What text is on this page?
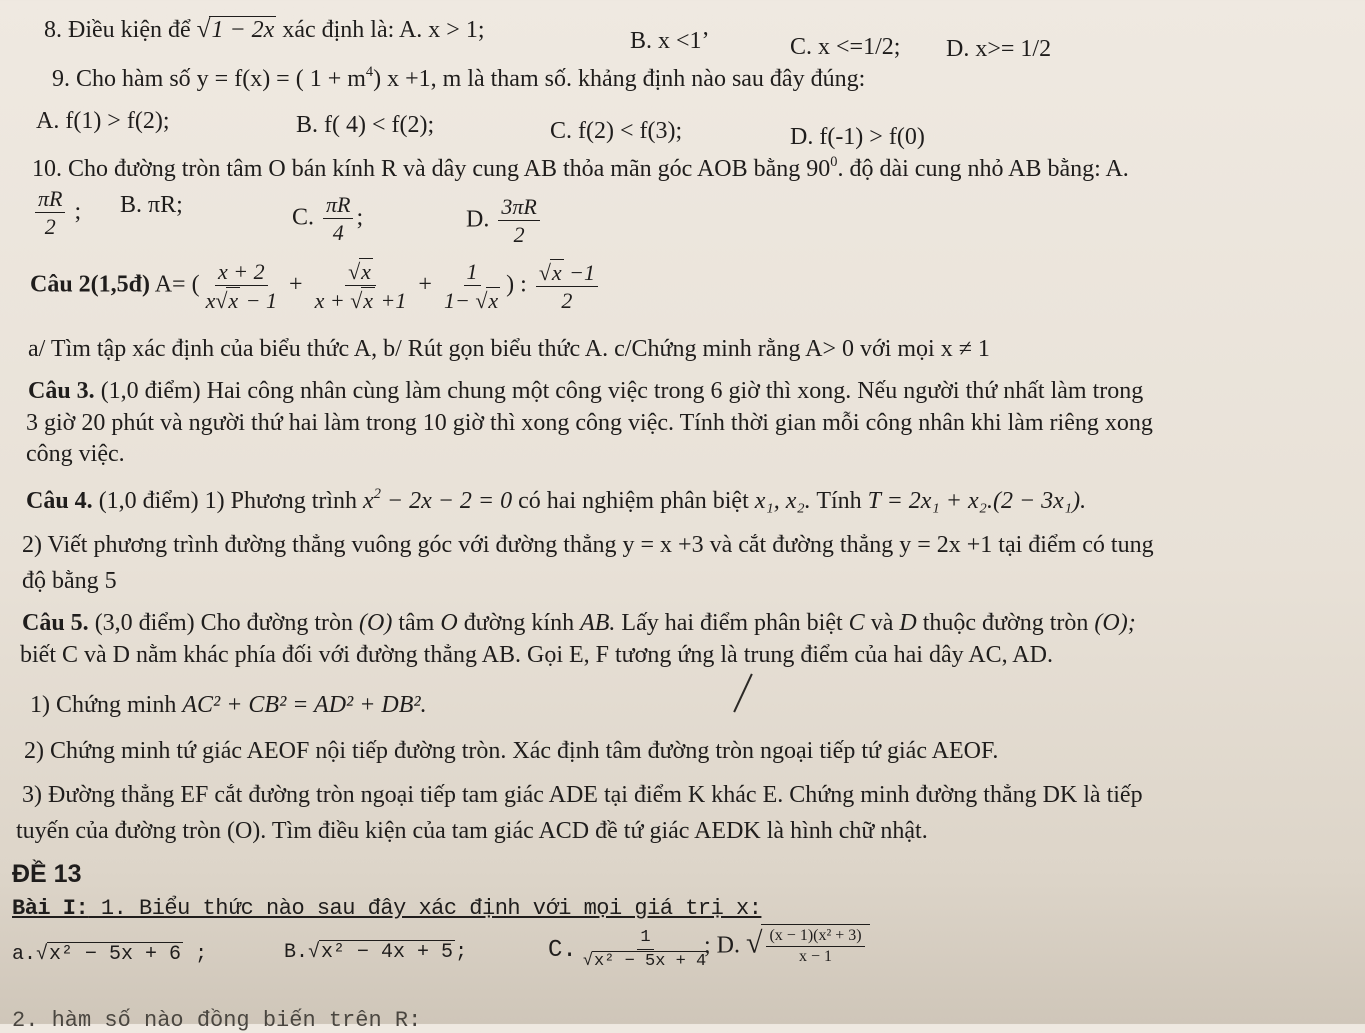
8. Điều kiện để √1 − 2x xác định là: A. x > 1;	B. x <1’	C. x <=1/2; D. x>= 1/2
9. Cho hàm số y = f(x) = ( $1 + m^4$) x +1, m là tham số. khảng định nào sau đây đúng:
A. f(1) > f(2);	B. f( 4) < f(2);	C. f(2) < f(3);	D. f(-1) > f(0)
10. Cho đường tròn tâm O bán kính R và dây cung AB thỏa mãn góc AOB bằng $90^0$. độ dài cung nhỏ AB bằng: A.
$\frac{\pi R}{2}$ ; B. πR;	C. $\frac{\pi R}{4}$ ;	D. $\frac{3\pi R}{2}$
Câu 2(1,5đ) A= ( $\frac{x + 2}{x√x - 1} + \frac{√x}{x + √x +1} + \frac{1}{1- √x}$ ) : $\frac{√x -1}{2}$
a/ Tìm tập xác định của biểu thức A, b/ Rút gọn biểu thức A. c/Chứng minh rằng A> 0 với mọi x ≠ 1
Câu 3. (1,0 điểm) Hai công nhân cùng làm chung một công việc trong 6 giờ thì xong. Nếu người thứ nhất làm trong
3 giờ 20 phút và người thứ hai làm trong 10 giờ thì xong công việc. Tính thời gian mỗi công nhân khi làm riêng xong
công việc.
Câu 4. (1,0 điểm) 1) Phương trình $x^2 - 2x - 2 = 0$ có hai nghiệm phân biệt x₁, x₂. Tính T = 2x₁ + x₂.(2 − 3x₁).
2) Viết phương trình đường thẳng vuông góc với đường thẳng y = x +3 và cắt đường thẳng y = 2x +1 tại điểm có tung
độ bằng 5
Câu 5. (3,0 điểm) Cho đường tròn (O) tâm O đường kính AB. Lấy hai điểm phân biệt C và D thuộc đường tròn (O);
biết C và D nằm khác phía đối với đường thẳng AB. Gọi E, F tương ứng là trung điểm của hai dây AC, AD.
1) Chứng minh AC² + CB² = AD² + DB².
2) Chứng minh tứ giác AEOF nội tiếp đường tròn. Xác định tâm đường tròn ngoại tiếp tứ giác AEOF.
3) Đường thẳng EF cắt đường tròn ngoại tiếp tam giác ADE tại điểm K khác E. Chứng minh đường thẳng DK là tiếp
tuyến của đường tròn (O). Tìm điều kiện của tam giác ACD đề tứ giác AEDK là hình chữ nhật.
ĐỀ 13
Bài I: 1. Biểu thức nào sau đây xác định với mọi giá trị x:
a.√x² − 5x + 6 ;	B.√x² − 4x + 5 ;	C. $\frac{1}{\text{√x² − 5x + 4}}$
; D. √ $\frac{\text{(x − 1)(x² + 3)}}{x - 1}$
2. hàm số nào đồng biến trên R:
